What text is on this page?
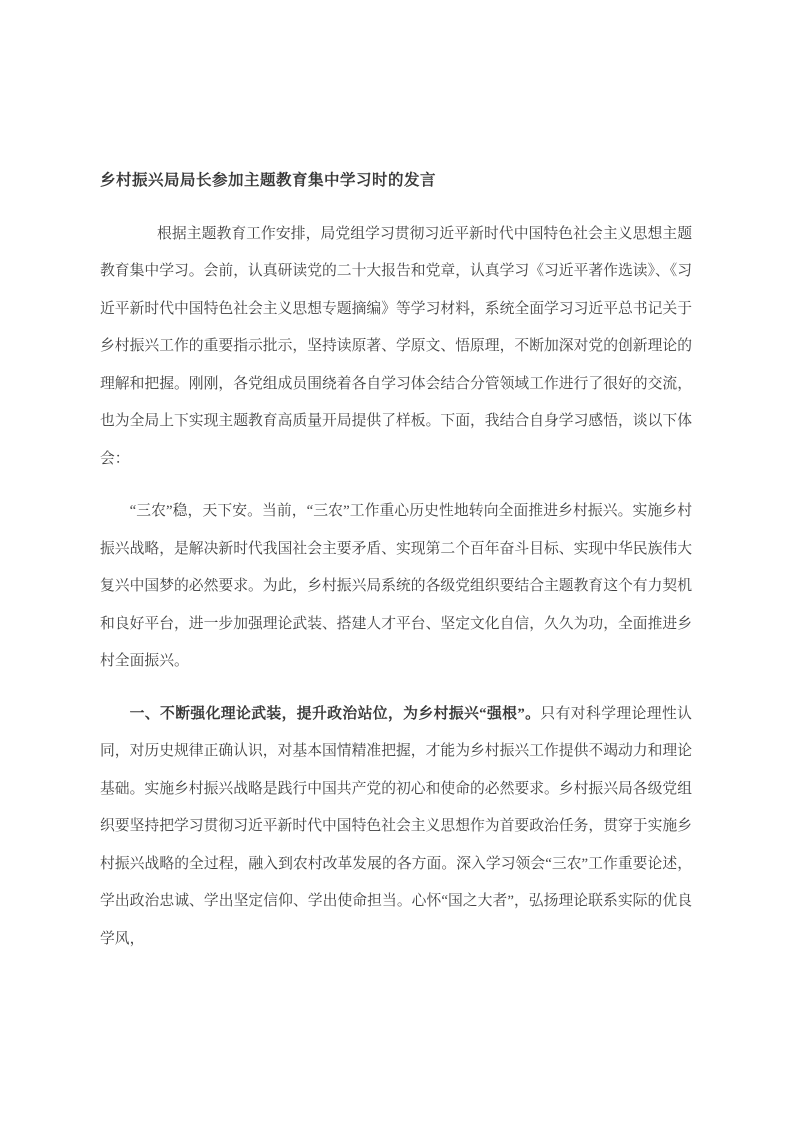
乡村振兴局局长参加主题教育集中学习时的发言

根据主题教育工作安排，局党组学习贯彻习近平新时代中国特色社会主义思想主题教育集中学习。会前，认真研读党的二十大报告和党章，认真学习《习近平著作选读》、《习近平新时代中国特色社会主义思想专题摘编》等学习材料，系统全面学习习近平总书记关于乡村振兴工作的重要指示批示，坚持读原著、学原文、悟原理，不断加深对党的创新理论的理解和把握。刚刚，各党组成员围绕着各自学习体会结合分管领域工作进行了很好的交流，也为全局上下实现主题教育高质量开局提供了样板。下面，我结合自身学习感悟，谈以下体会：

“三农”稳，天下安。当前，“三农”工作重心历史性地转向全面推进乡村振兴。实施乡村振兴战略，是解决新时代我国社会主要矛盾、实现第二个百年奋斗目标、实现中华民族伟大复兴中国梦的必然要求。为此，乡村振兴局系统的各级党组织要结合主题教育这个有力契机和良好平台，进一步加强理论武装、搭建人才平台、坚定文化自信，久久为功，全面推进乡村全面振兴。

一、不断强化理论武装，提升政治站位，为乡村振兴“强根”。只有对科学理论理性认同，对历史规律正确认识，对基本国情精准把握，才能为乡村振兴工作提供不竭动力和理论基础。实施乡村振兴战略是践行中国共产党的初心和使命的必然要求。乡村振兴局各级党组织要坚持把学习贯彻习近平新时代中国特色社会主义思想作为首要政治任务，贯穿于实施乡村振兴战略的全过程，融入到农村改革发展的各方面。深入学习领会“三农”工作重要论述，学出政治忠诚、学出坚定信仰、学出使命担当。心怀“国之大者”，弘扬理论联系实际的优良学风，
